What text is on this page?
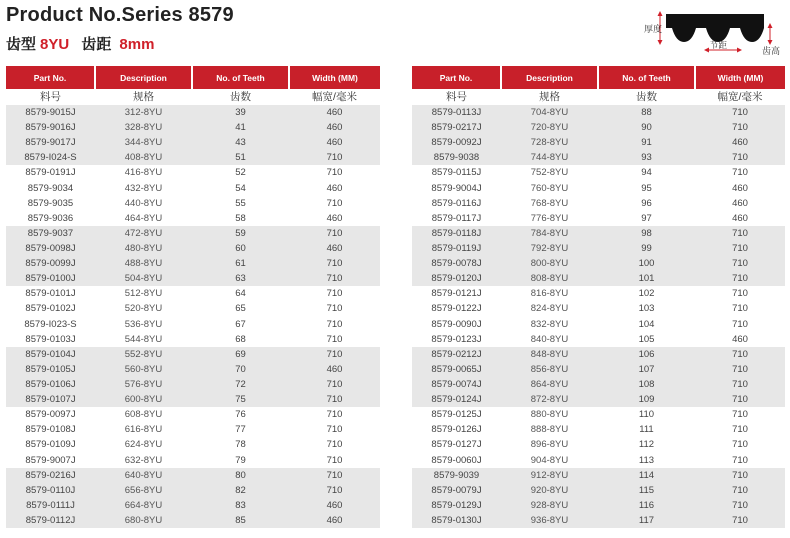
Product No.Series 8579
齿型 8YU 齿距 8mm
厚度
节距
齿高
Part No.	Description	No. of Teeth	Width (MM)
料号	规格	齿数	幅宽/毫米
8579-9015J	312-8YU	39	460
8579-9016J	328-8YU	41	460
8579-9017J	344-8YU	43	460
8579-I024-S	408-8YU	51	710
8579-0191J	416-8YU	52	710
8579-9034	432-8YU	54	460
8579-9035	440-8YU	55	710
8579-9036	464-8YU	58	460
8579-9037	472-8YU	59	710
8579-0098J	480-8YU	60	460
8579-0099J	488-8YU	61	710
8579-0100J	504-8YU	63	710
8579-0101J	512-8YU	64	710
8579-0102J	520-8YU	65	710
8579-I023-S	536-8YU	67	710
8579-0103J	544-8YU	68	710
8579-0104J	552-8YU	69	710
8579-0105J	560-8YU	70	460
8579-0106J	576-8YU	72	710
8579-0107J	600-8YU	75	710
8579-0097J	608-8YU	76	710
8579-0108J	616-8YU	77	710
8579-0109J	624-8YU	78	710
8579-9007J	632-8YU	79	710
8579-0216J	640-8YU	80	710
8579-0110J	656-8YU	82	710
8579-0111J	664-8YU	83	460
8579-0112J	680-8YU	85	460
Part No.	Description	No. of Teeth	Width (MM)
料号	规格	齿数	幅宽/毫米
8579-0113J	704-8YU	88	710
8579-0217J	720-8YU	90	710
8579-0092J	728-8YU	91	460
8579-9038	744-8YU	93	710
8579-0115J	752-8YU	94	710
8579-9004J	760-8YU	95	460
8579-0116J	768-8YU	96	460
8579-0117J	776-8YU	97	460
8579-0118J	784-8YU	98	710
8579-0119J	792-8YU	99	710
8579-0078J	800-8YU	100	710
8579-0120J	808-8YU	101	710
8579-0121J	816-8YU	102	710
8579-0122J	824-8YU	103	710
8579-0090J	832-8YU	104	710
8579-0123J	840-8YU	105	460
8579-0212J	848-8YU	106	710
8579-0065J	856-8YU	107	710
8579-0074J	864-8YU	108	710
8579-0124J	872-8YU	109	710
8579-0125J	880-8YU	110	710
8579-0126J	888-8YU	111	710
8579-0127J	896-8YU	112	710
8579-0060J	904-8YU	113	710
8579-9039	912-8YU	114	710
8579-0079J	920-8YU	115	710
8579-0129J	928-8YU	116	710
8579-0130J	936-8YU	117	710
